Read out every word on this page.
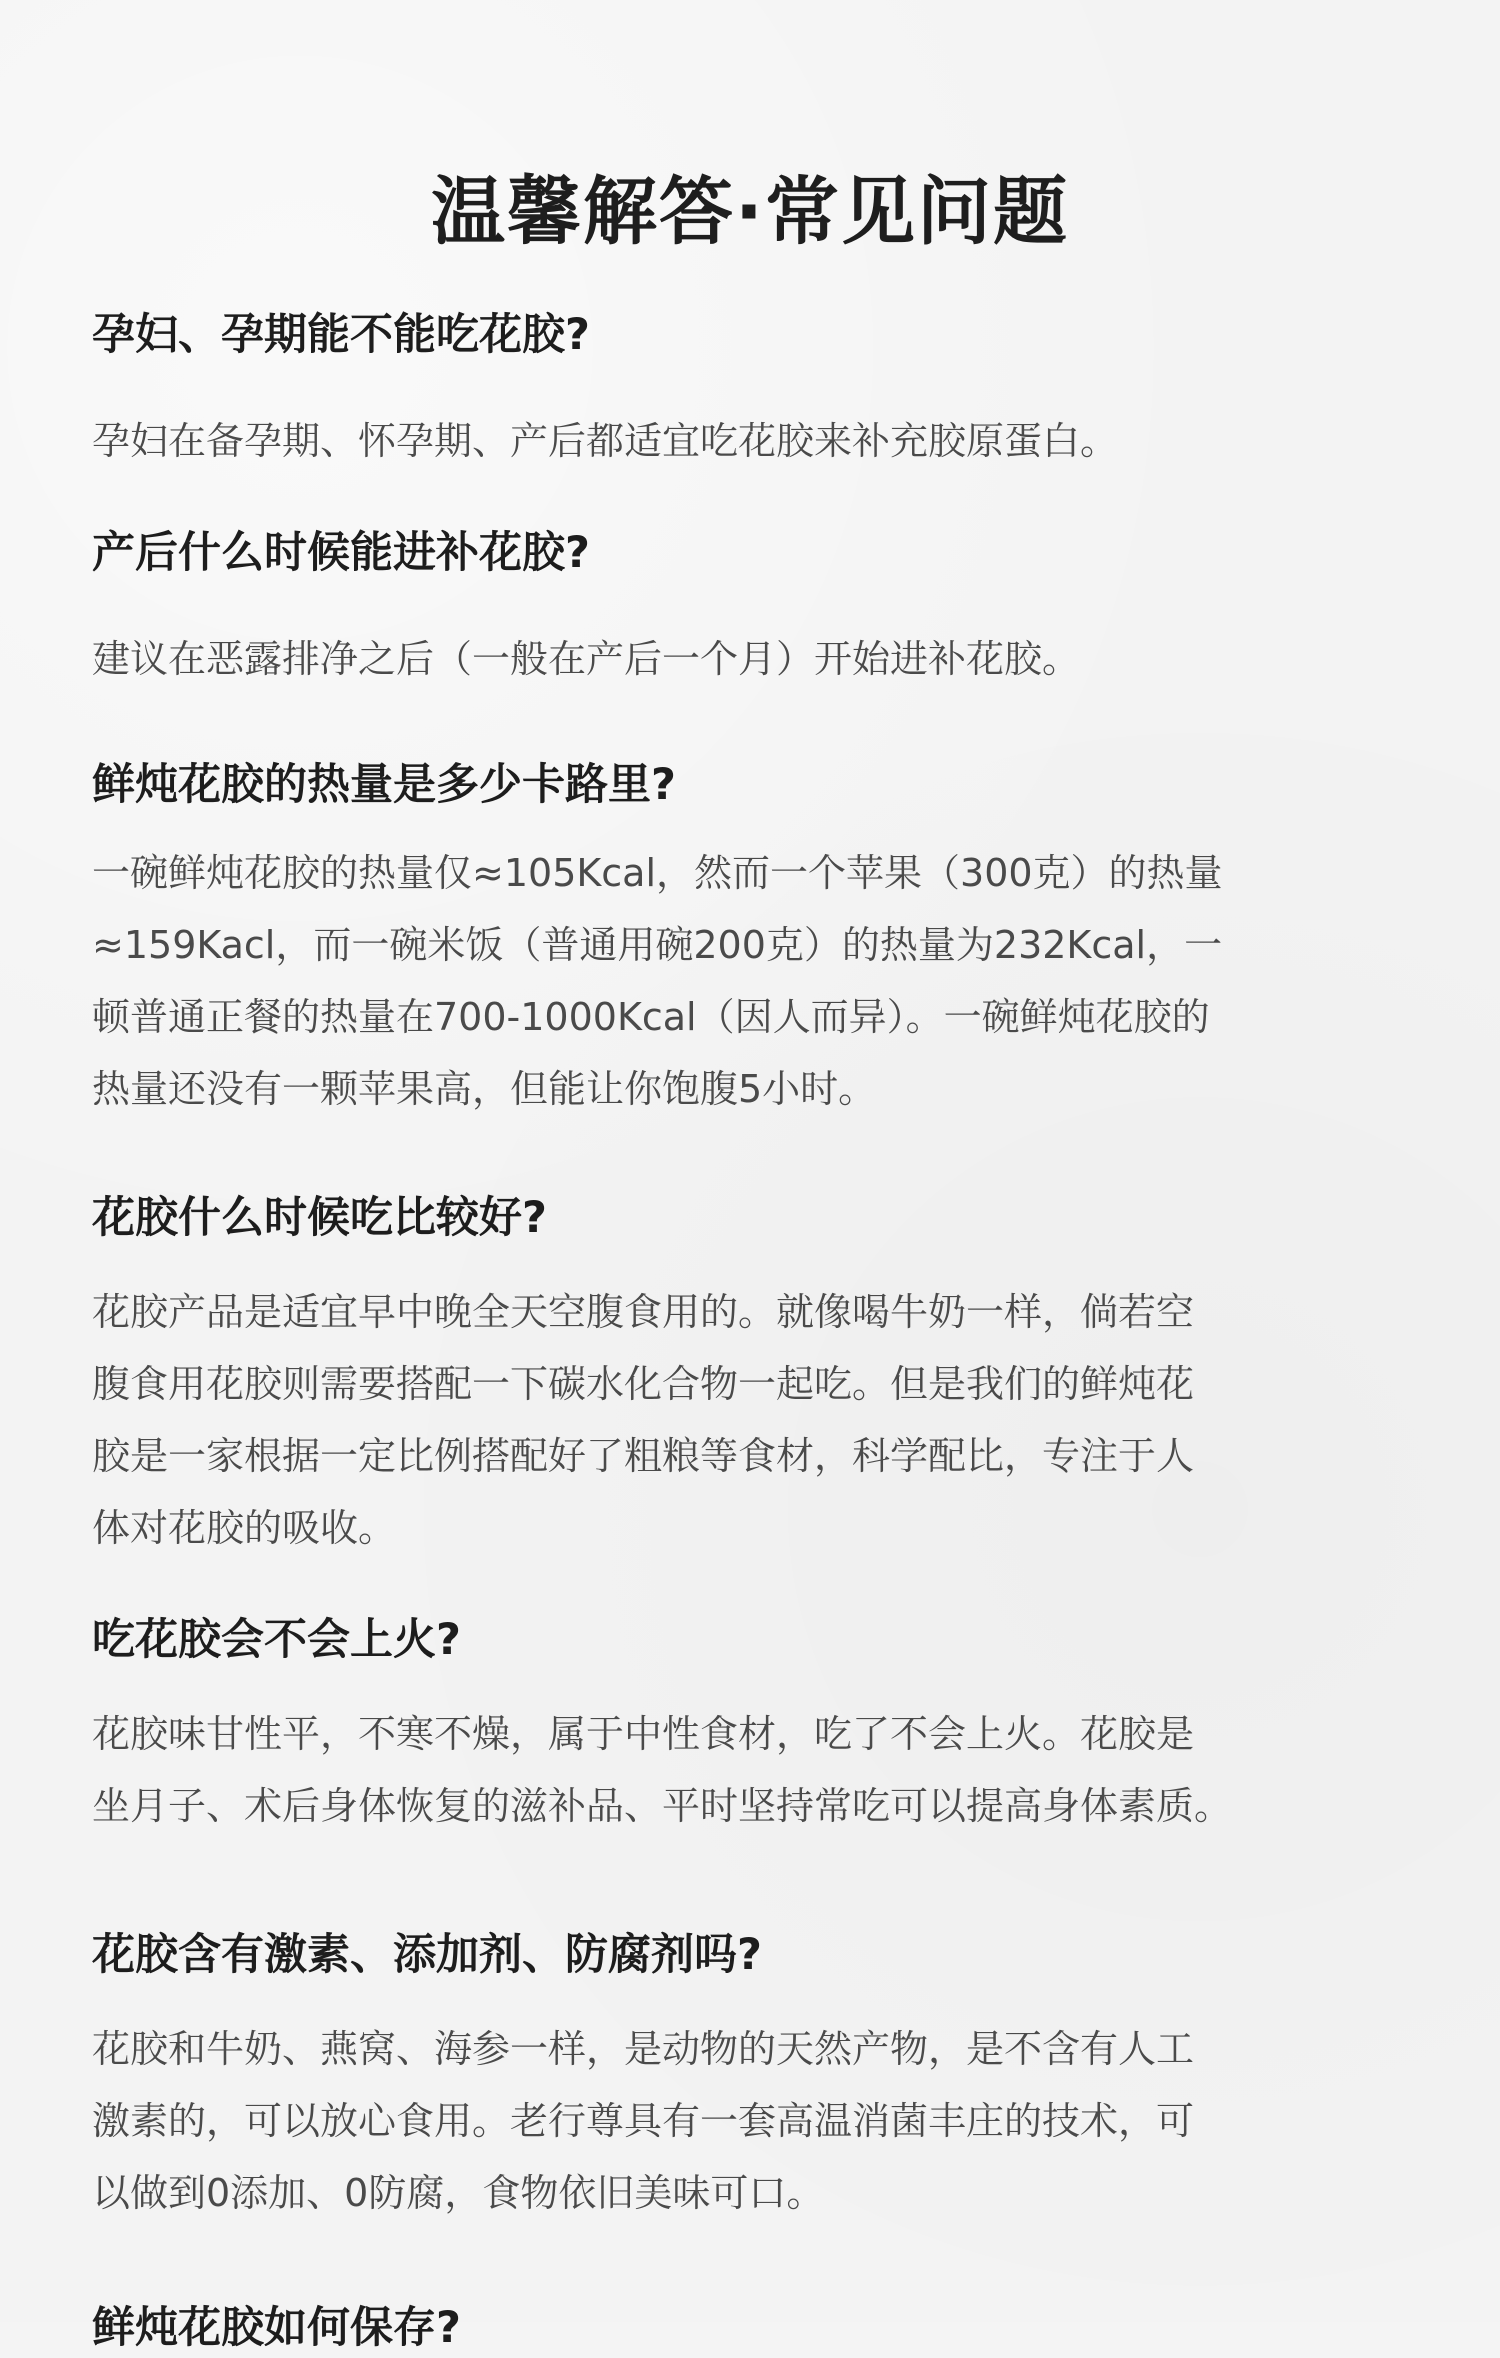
温馨解答·常见问题
孕妇、孕期能不能吃花胶?

孕妇在备孕期、怀孕期、产后都适宜吃花胶来补充胶原蛋白。

产后什么时候能进补花胶?

建议在恶露排净之后（一般在产后一个月）开始进补花胶。

鲜炖花胶的热量是多少卡路里?

一碗鲜炖花胶的热量仅≈105Kcal，然而一个苹果（300克）的热量
≈159Kacl，而一碗米饭（普通用碗200克）的热量为232Kcal，一
顿普通正餐的热量在700-1000Kcal（因人而异）。一碗鲜炖花胶的
热量还没有一颗苹果高，但能让你饱腹5小时。

花胶什么时候吃比较好?

花胶产品是适宜早中晚全天空腹食用的。就像喝牛奶一样，倘若空
腹食用花胶则需要搭配一下碳水化合物一起吃。但是我们的鲜炖花
胶是一家根据一定比例搭配好了粗粮等食材，科学配比，专注于人
体对花胶的吸收。

吃花胶会不会上火?

花胶味甘性平，不寒不燥，属于中性食材，吃了不会上火。花胶是
坐月子、术后身体恢复的滋补品、平时坚持常吃可以提高身体素质。

花胶含有激素、添加剂、防腐剂吗?

花胶和牛奶、燕窝、海参一样，是动物的天然产物，是不含有人工
激素的，可以放心食用。老行尊具有一套高温消菌丰庄的技术，可
以做到0添加、0防腐，食物依旧美味可口。

鲜炖花胶如何保存?
